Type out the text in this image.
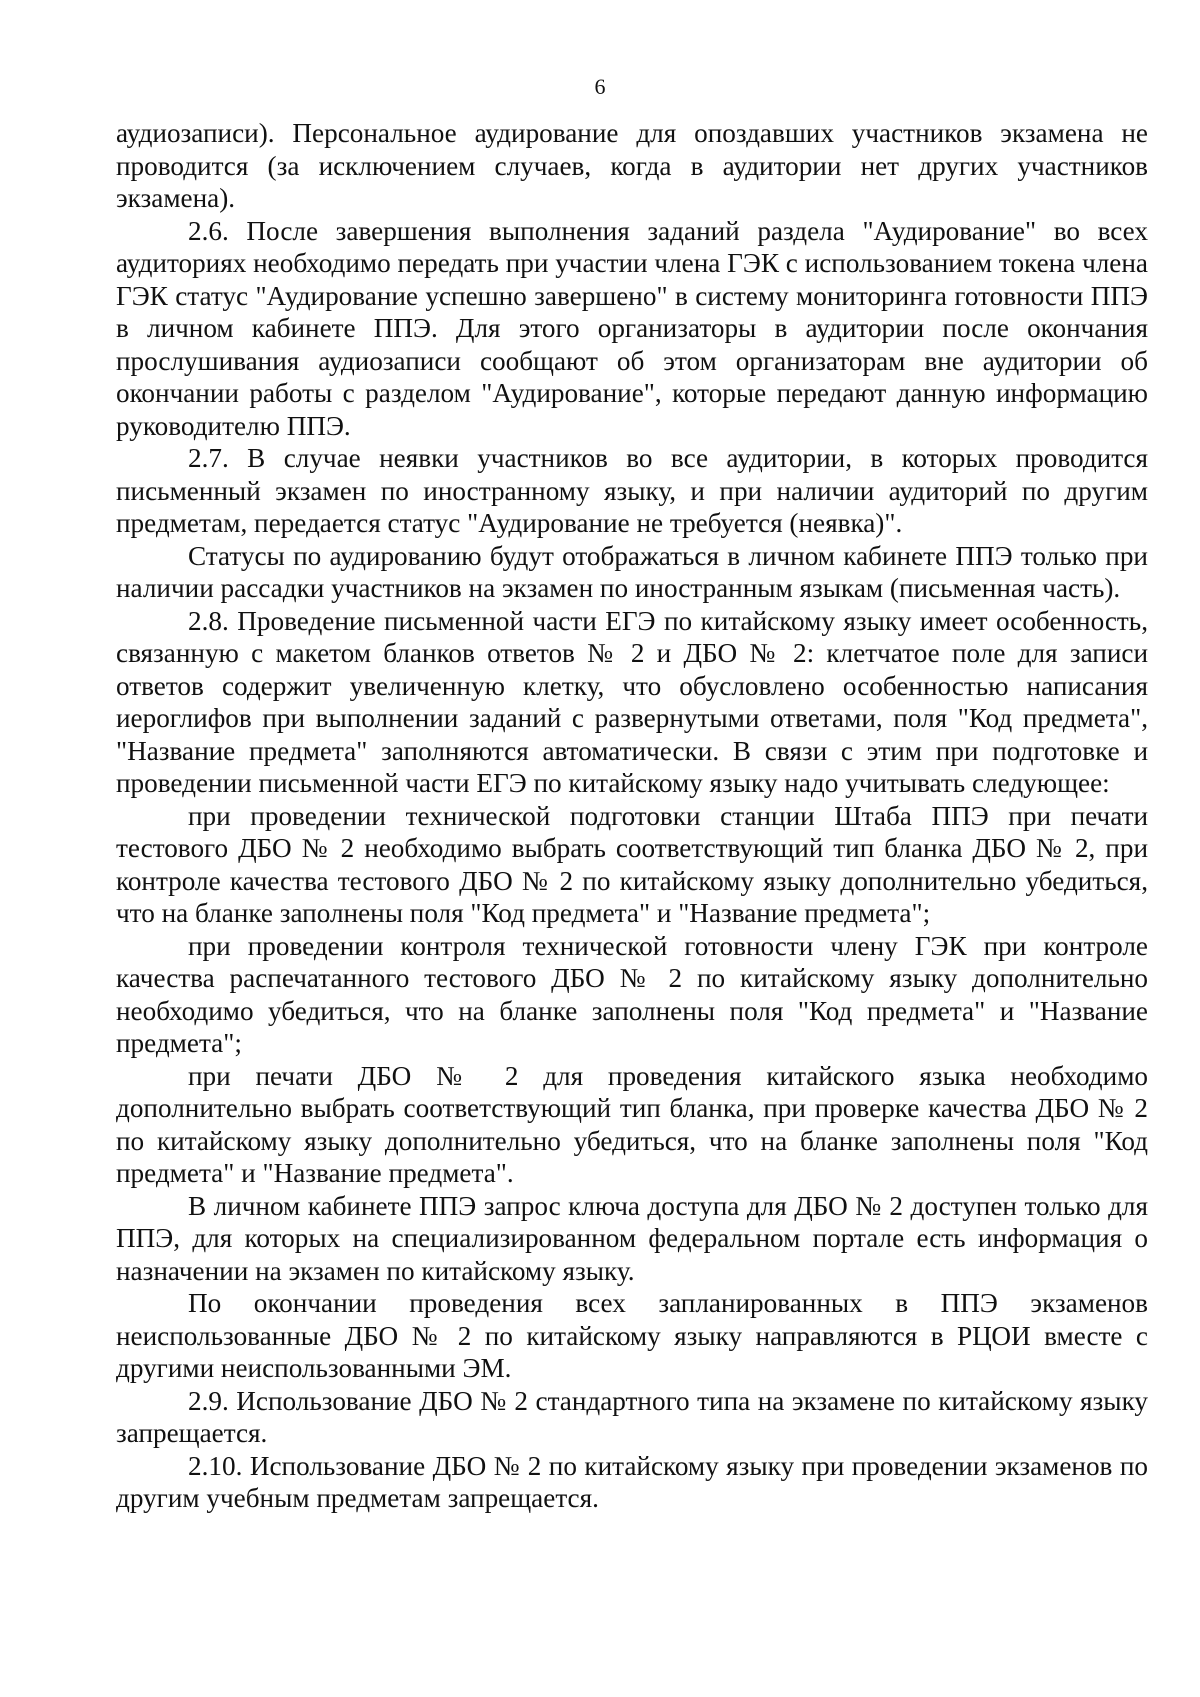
6

аудиозаписи). Персональное аудирование для опоздавших участников экзамена не проводится (за исключением случаев, когда в аудитории нет других участников экзамена).

2.6. После завершения выполнения заданий раздела "Аудирование" во всех аудиториях необходимо передать при участии члена ГЭК с использованием токена члена ГЭК статус "Аудирование успешно завершено" в систему мониторинга готовности ППЭ в личном кабинете ППЭ. Для этого организаторы в аудитории после окончания прослушивания аудиозаписи сообщают об этом организаторам вне аудитории об окончании работы с разделом "Аудирование", которые передают данную информацию руководителю ППЭ.

2.7. В случае неявки участников во все аудитории, в которых проводится письменный экзамен по иностранному языку, и при наличии аудиторий по другим предметам, передается статус "Аудирование не требуется (неявка)".

Статусы по аудированию будут отображаться в личном кабинете ППЭ только при наличии рассадки участников на экзамен по иностранным языкам (письменная часть).

2.8. Проведение письменной части ЕГЭ по китайскому языку имеет особенность, связанную с макетом бланков ответов № 2 и ДБО № 2: клетчатое поле для записи ответов содержит увеличенную клетку, что обусловлено особенностью написания иероглифов при выполнении заданий с развернутыми ответами, поля "Код предмета", "Название предмета" заполняются автоматически. В связи с этим при подготовке и проведении письменной части ЕГЭ по китайскому языку надо учитывать следующее:

при проведении технической подготовки станции Штаба ППЭ при печати тестового ДБО № 2 необходимо выбрать соответствующий тип бланка ДБО № 2, при контроле качества тестового ДБО № 2 по китайскому языку дополнительно убедиться, что на бланке заполнены поля "Код предмета" и "Название предмета";

при проведении контроля технической готовности члену ГЭК при контроле качества распечатанного тестового ДБО № 2 по китайскому языку дополнительно необходимо убедиться, что на бланке заполнены поля "Код предмета" и "Название предмета";

при печати ДБО № 2 для проведения китайского языка необходимо дополнительно выбрать соответствующий тип бланка, при проверке качества ДБО № 2 по китайскому языку дополнительно убедиться, что на бланке заполнены поля "Код предмета" и "Название предмета".

В личном кабинете ППЭ запрос ключа доступа для ДБО № 2 доступен только для ППЭ, для которых на специализированном федеральном портале есть информация о назначении на экзамен по китайскому языку.

По окончании проведения всех запланированных в ППЭ экзаменов неиспользованные ДБО № 2 по китайскому языку направляются в РЦОИ вместе с другими неиспользованными ЭМ.

2.9. Использование ДБО № 2 стандартного типа на экзамене по китайскому языку запрещается.

2.10. Использование ДБО № 2 по китайскому языку при проведении экзаменов по другим учебным предметам запрещается.
